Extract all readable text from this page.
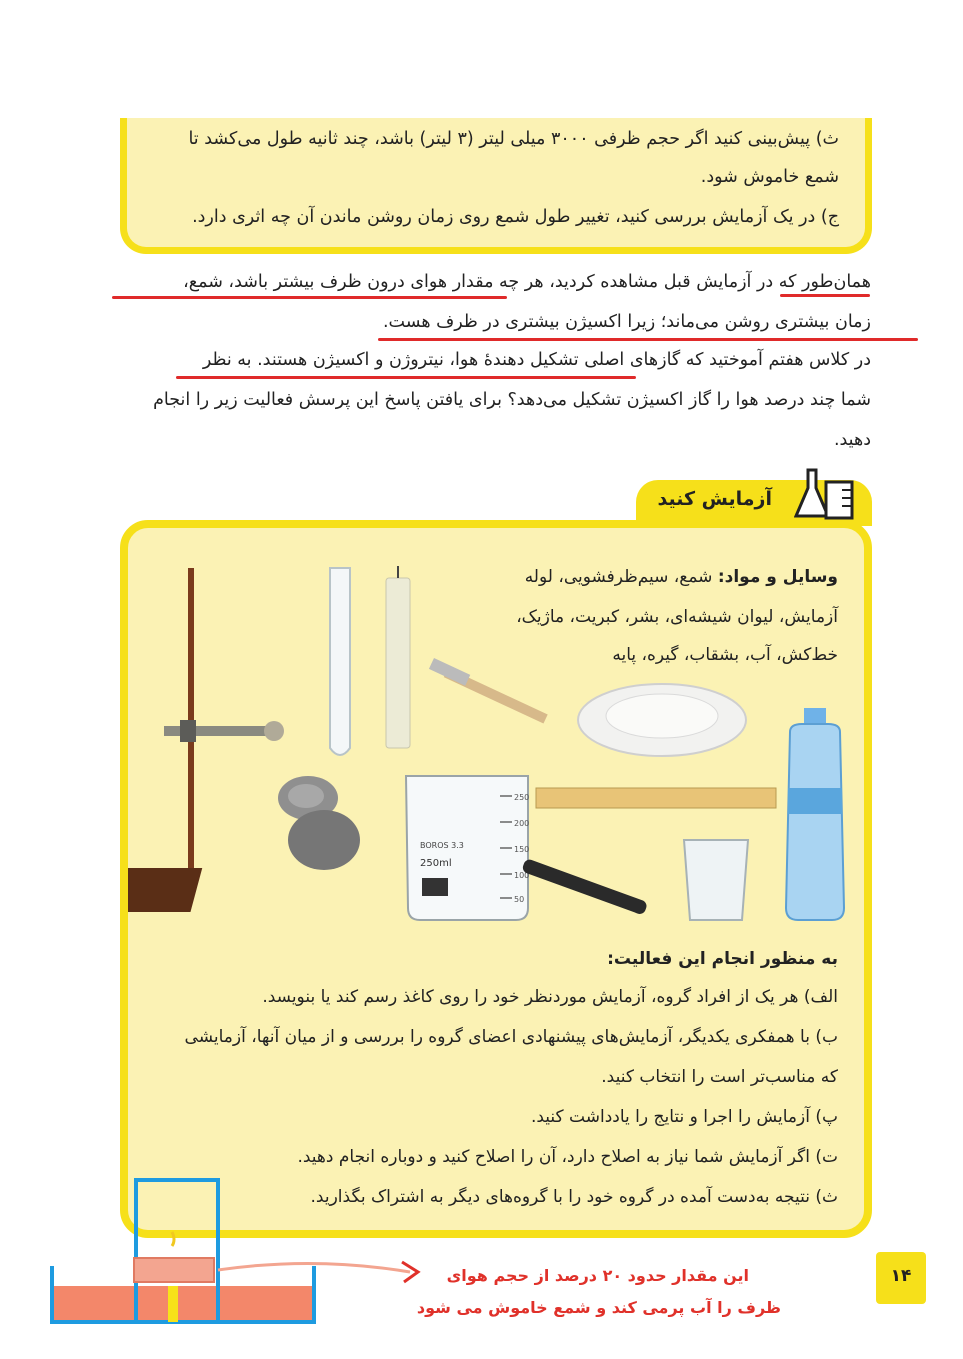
ث) پیش‌بینی کنید اگر حجم ظرفی ۳۰۰۰ میلی لیتر (۳ لیتر) باشد، چند ثانیه طول می‌کشد تا
شمع خاموش شود.
ج) در یک آزمایش بررسی کنید، تغییر طول شمع روی زمان روشن ماندن آن چه اثری دارد.
همان‌طور که در آزمایش قبل مشاهده کردید، هر چه مقدار هوای درون ظرف بیشتر باشد، شمع،
زمان بیشتری روشن می‌ماند؛ زیرا اکسیژن بیشتری در ظرف هست.
در کلاس هفتم آموختید که گازهای اصلی تشکیل دهندهٔ هوا، نیتروژن و اکسیژن هستند. به نظر
شما چند درصد هوا را گاز اکسیژن تشکیل می‌دهد؟ برای یافتن پاسخ این پرسش فعالیت زیر را انجام
دهید.
آزمایش کنید
وسایل و مواد: شمع، سیم‌ظرفشویی، لوله
آزمایش، لیوان شیشه‌ای، بشر، کبریت، ماژیک،
خط‌کش، آب، بشقاب، گیره، پایه
250
200
150
100
50
BOROS 3.3
250ml
به منظور انجام این فعالیت:
الف) هر یک از افراد گروه، آزمایش موردنظر خود را روی کاغذ رسم کند یا بنویسد.
ب) با همفکری یکدیگر، آزمایش‌های پیشنهادی اعضای گروه را بررسی و از میان آنها، آزمایشی
که مناسب‌تر است را انتخاب کنید.
پ) آزمایش را اجرا و نتایج را یادداشت کنید.
ت) اگر آزمایش شما نیاز به اصلاح دارد، آن را اصلاح کنید و دوباره انجام دهید.
ث) نتیجه به‌دست آمده در گروه خود را با گروه‌های دیگر به اشتراک بگذارید.
این مقدار حدود ۲۰ درصد از حجم هوای
ظرف را آب پرمی کند و شمع خاموش می شود
۱۴
